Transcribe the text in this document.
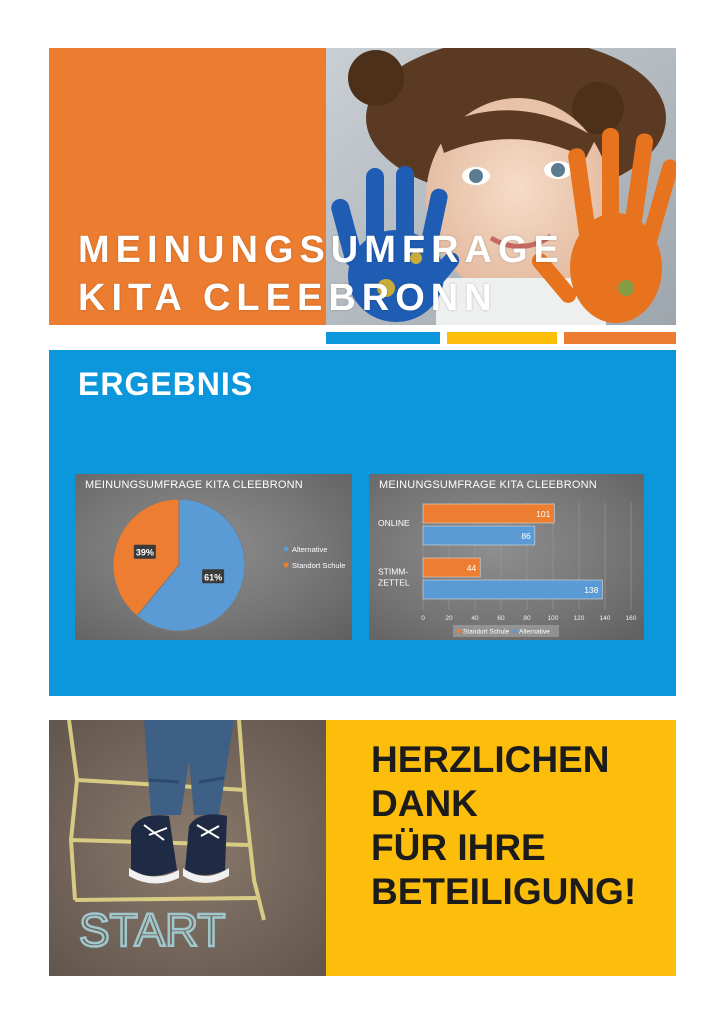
MEINUNGSUMFRAGE
KITA CLEEBRONN
ERGEBNIS
MEINUNGSUMFRAGE KITA CLEEBRONN
61%
Alternative
39%
Standort Schule
MEINUNGSUMFRAGE KITA CLEEBRONN
0	20	40	60	80	100 120 140 160
ONLINE
101
86
STIMM-
ZETTEL
44
138
Standort Schule Alternative
START
HERZLICHEN
DANK
FÜR IHRE
BETEILIGUNG!
